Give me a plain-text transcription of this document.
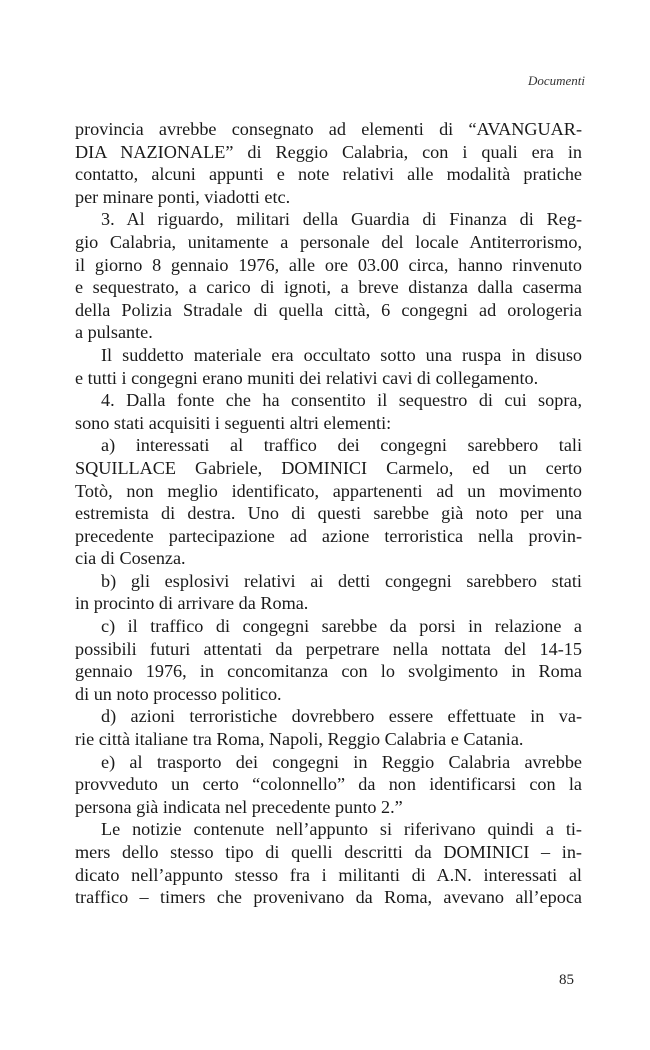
Documenti
provincia avrebbe consegnato ad elementi di “AVANGUAR-
DIA NAZIONALE” di Reggio Calabria, con i quali era in
contatto, alcuni appunti e note relativi alle modalità pratiche
per minare ponti, viadotti etc.
3. Al riguardo, militari della Guardia di Finanza di Reg-
gio Calabria, unitamente a personale del locale Antiterrorismo,
il giorno 8 gennaio 1976, alle ore 03.00 circa, hanno rinvenuto
e sequestrato, a carico di ignoti, a breve distanza dalla caserma
della Polizia Stradale di quella città, 6 congegni ad orologeria
a pulsante.
Il suddetto materiale era occultato sotto una ruspa in disuso
e tutti i congegni erano muniti dei relativi cavi di collegamento.
4. Dalla fonte che ha consentito il sequestro di cui sopra,
sono stati acquisiti i seguenti altri elementi:
a) interessati al traffico dei congegni sarebbero tali
SQUILLACE Gabriele, DOMINICI Carmelo, ed un certo
Totò, non meglio identificato, appartenenti ad un movimento
estremista di destra. Uno di questi sarebbe già noto per una
precedente partecipazione ad azione terroristica nella provin-
cia di Cosenza.
b) gli esplosivi relativi ai detti congegni sarebbero stati
in procinto di arrivare da Roma.
c) il traffico di congegni sarebbe da porsi in relazione a
possibili futuri attentati da perpetrare nella nottata del 14-15
gennaio 1976, in concomitanza con lo svolgimento in Roma
di un noto processo politico.
d) azioni terroristiche dovrebbero essere effettuate in va-
rie città italiane tra Roma, Napoli, Reggio Calabria e Catania.
e) al trasporto dei congegni in Reggio Calabria avrebbe
provveduto un certo “colonnello” da non identificarsi con la
persona già indicata nel precedente punto 2.”
Le notizie contenute nell’appunto si riferivano quindi a ti-
mers dello stesso tipo di quelli descritti da DOMINICI – in-
dicato nell’appunto stesso fra i militanti di A.N. interessati al
traffico – timers che provenivano da Roma, avevano all’epoca
85
